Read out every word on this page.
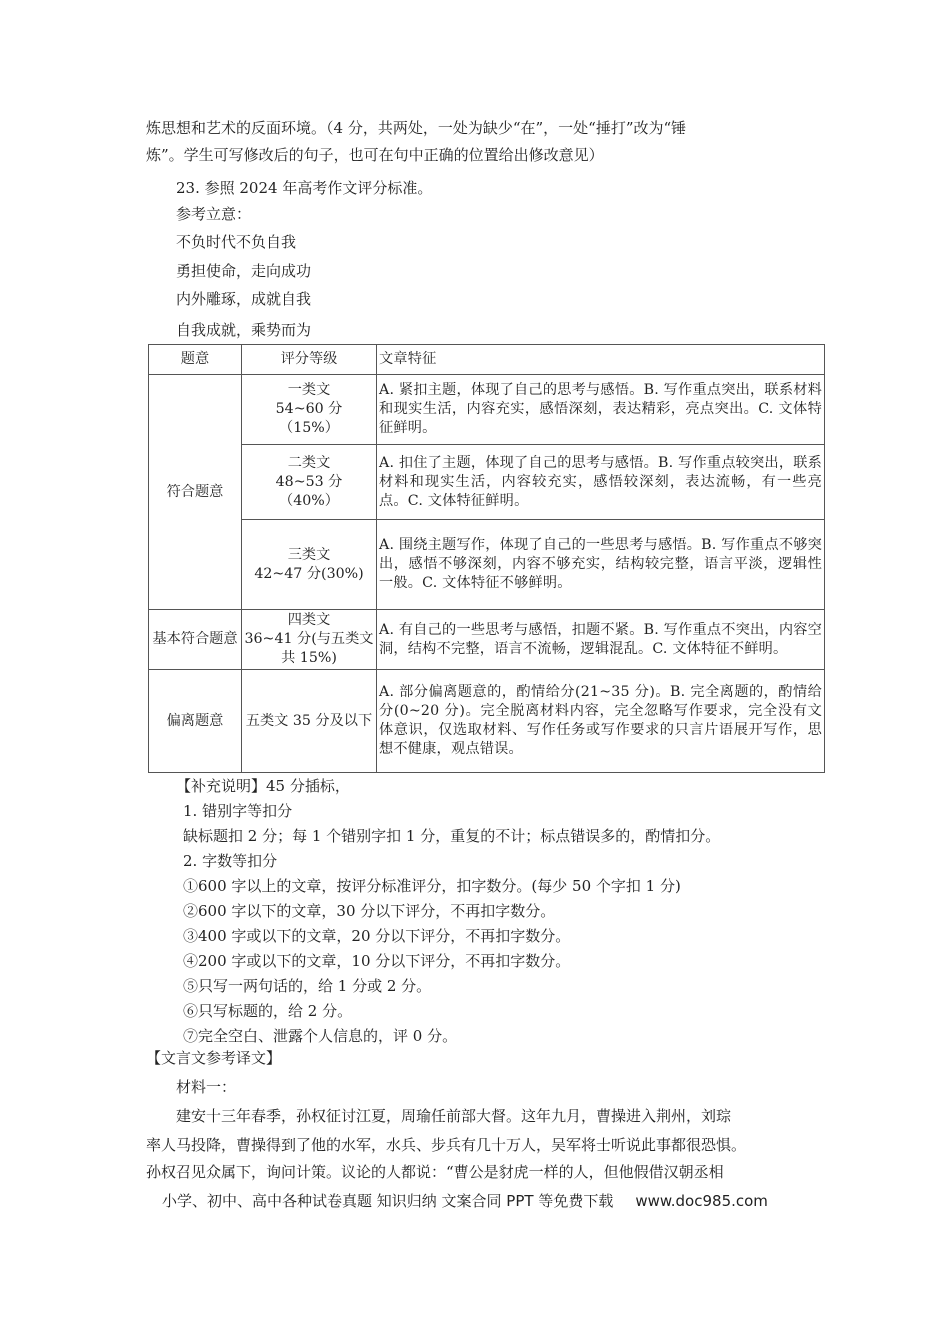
炼思想和艺术的反面环境。（4 分，共两处，一处为缺少“在”，一处“捶打”改为“锤
炼”。学生可写修改后的句子，也可在句中正确的位置给出修改意见）
23. 参照 2024 年高考作文评分标准。
参考立意：
不负时代不负自我
勇担使命，走向成功
内外雕琢，成就自我
自我成就，乘势而为
题意	评分等级	文章特征
符合题意	一类文
54~60 分
（15%）	A. 紧扣主题，体现了自己的思考与感悟。B. 写作重点突出，联系材料和现实生活，内容充实，感悟深刻，表达精彩，亮点突出。C. 文体特征鲜明。

	二类文
48~53 分
（40%）	A. 扣住了主题，体现了自己的思考与感悟。B. 写作重点较突出，联系材料和现实生活，内容较充实，感悟较深刻，表达流畅，有一些亮点。C. 文体特征鲜明。

	三类文
42~47 分(30%)	A. 围绕主题写作，体现了自己的一些思考与感悟。B. 写作重点不够突出，感悟不够深刻，内容不够充实，结构较完整，语言平淡，逻辑性一般。C. 文体特征不够鲜明。
基本符合题意	四类文
36~41 分(与五类文共 15%)	A. 有自己的一些思考与感悟，扣题不紧。B. 写作重点不突出，内容空洞，结构不完整，语言不流畅，逻辑混乱。C. 文体特征不鲜明。
偏离题意	五类文 35 分及以下	A. 部分偏离题意的，酌情给分(21~35 分)。B. 完全离题的，酌情给分(0~20 分)。完全脱离材料内容，完全忽略写作要求，完全没有文体意识，仅选取材料、写作任务或写作要求的只言片语展开写作，思想不健康，观点错误。
【补充说明】45 分插标，
1. 错别字等扣分
缺标题扣 2 分；每 1 个错别字扣 1 分，重复的不计；标点错误多的，酌情扣分。
2. 字数等扣分
①600 字以上的文章，按评分标准评分，扣字数分。(每少 50 个字扣 1 分)
②600 字以下的文章，30 分以下评分，不再扣字数分。
③400 字或以下的文章，20 分以下评分，不再扣字数分。
④200 字或以下的文章，10 分以下评分，不再扣字数分。
⑤只写一两句话的，给 1 分或 2 分。
⑥只写标题的，给 2 分。
⑦完全空白、泄露个人信息的，评 0 分。
【文言文参考译文】
材料一：
建安十三年春季，孙权征讨江夏，周瑜任前部大督。这年九月，曹操进入荆州，刘琮
率人马投降，曹操得到了他的水军，水兵、步兵有几十万人，吴军将士听说此事都很恐惧。
孙权召见众属下，询问计策。议论的人都说：“曹公是豺虎一样的人，但他假借汉朝丞相
小学、初中、高中各种试卷真题 知识归纳 文案合同 PPT 等免费下载 www.doc985.com
